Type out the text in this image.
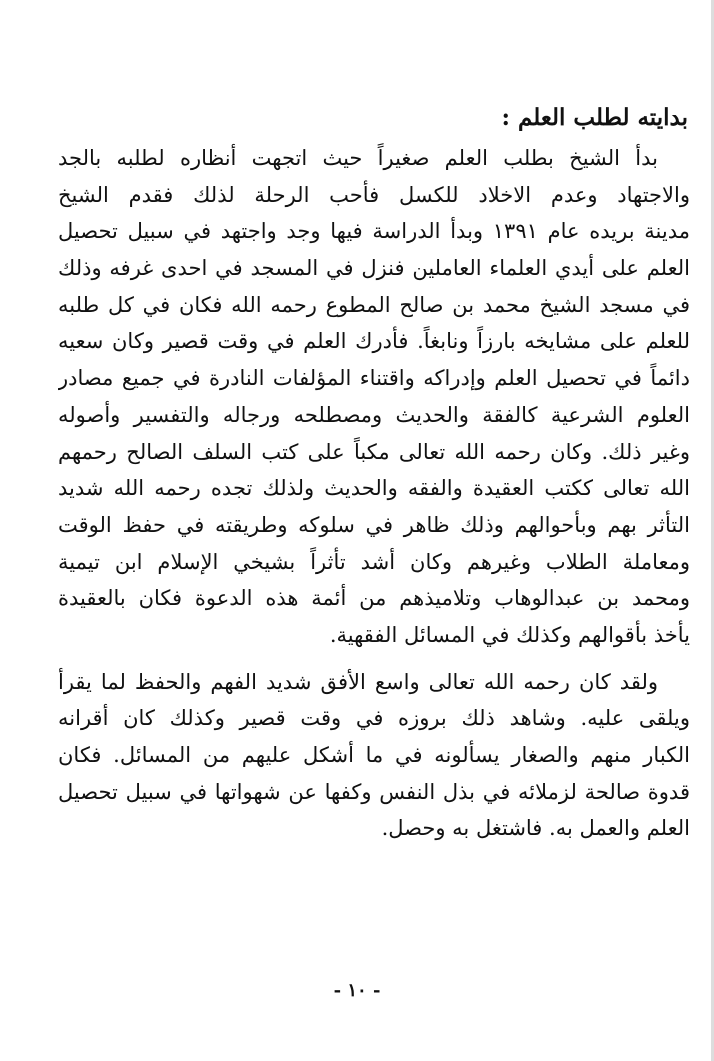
بدايته لطلب العلم :
بدأ الشيخ بطلب العلم صغيراً حيث اتجهت أنظاره لطلبه بالجد
والاجتهاد وعدم الاخلاد للكسل فأحب الرحلة لذلك فقدم الشيخ
مدينة بريده عام ١٣٩١ وبدأ الدراسة فيها وجد واجتهد في سبيل تحصيل
العلم على أيدي العلماء العاملين فنزل في المسجد في احدى غرفه وذلك
في مسجد الشيخ محمد بن صالح المطوع رحمه الله فكان في كل طلبه
للعلم على مشايخه بارزاً ونابغاً. فأدرك العلم في وقت قصير وكان سعيه
دائماً في تحصيل العلم وإدراكه واقتناء المؤلفات النادرة في جميع مصادر
العلوم الشرعية كالفقة والحديث ومصطلحه ورجاله والتفسير وأصوله
وغير ذلك. وكان رحمه الله تعالى مكباً على كتب السلف الصالح رحمهم
الله تعالى ككتب العقيدة والفقه والحديث ولذلك تجده رحمه الله شديد
التأثر بهم وبأحوالهم وذلك ظاهر في سلوكه وطريقته في حفظ الوقت
ومعاملة الطلاب وغيرهم وكان أشد تأثراً بشيخي الإسلام ابن تيمية
ومحمد بن عبدالوهاب وتلاميذهم من أئمة هذه الدعوة فكان بالعقيدة
يأخذ بأقوالهم وكذلك في المسائل الفقهية.
ولقد كان رحمه الله تعالى واسع الأفق شديد الفهم والحفظ لما يقرأ
ويلقى عليه. وشاهد ذلك بروزه في وقت قصير وكذلك كان أقرانه
الكبار منهم والصغار يسألونه في ما أشكل عليهم من المسائل. فكان
قدوة صالحة لزملائه في بذل النفس وكفها عن شهواتها في سبيل تحصيل
العلم والعمل به. فاشتغل به وحصل.
- ١٠ -
